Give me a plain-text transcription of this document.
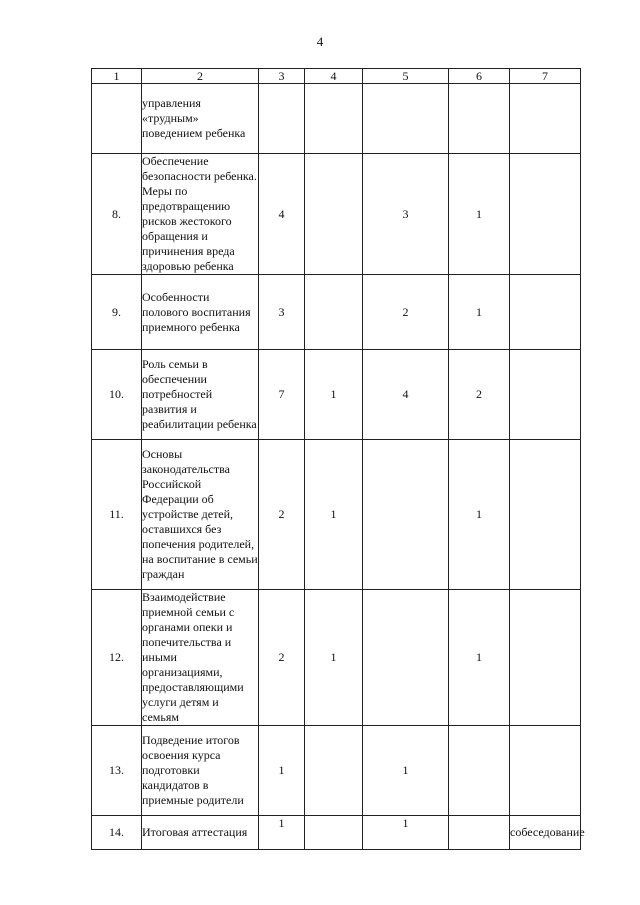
4
1	2	3	4	5	6	7
	управления «трудным» поведением ребенка					
8.	Обеспечение безопасности ребенка. Меры по предотвращению рисков жестокого обращения и причинения вреда здоровью ребенка	4		3	1	
9.	Особенности полового воспитания приемного ребенка	3		2	1	
10.	Роль семьи в обеспечении потребностей развития и реабилитации ребенка	7	1	4	2	
11.	Основы законодательства Российской Федерации об устройстве детей, оставшихся без попечения родителей, на воспитание в семьи граждан	2	1		1	
12.	Взаимодействие приемной семьи с органами опеки и попечительства и иными организациями, предоставляющими услуги детям и семьям	2	1		1	
13.	Подведение итогов освоения курса подготовки кандидатов в приемные родители	1		1		
14.	Итоговая аттестация	1		1		собеседование
